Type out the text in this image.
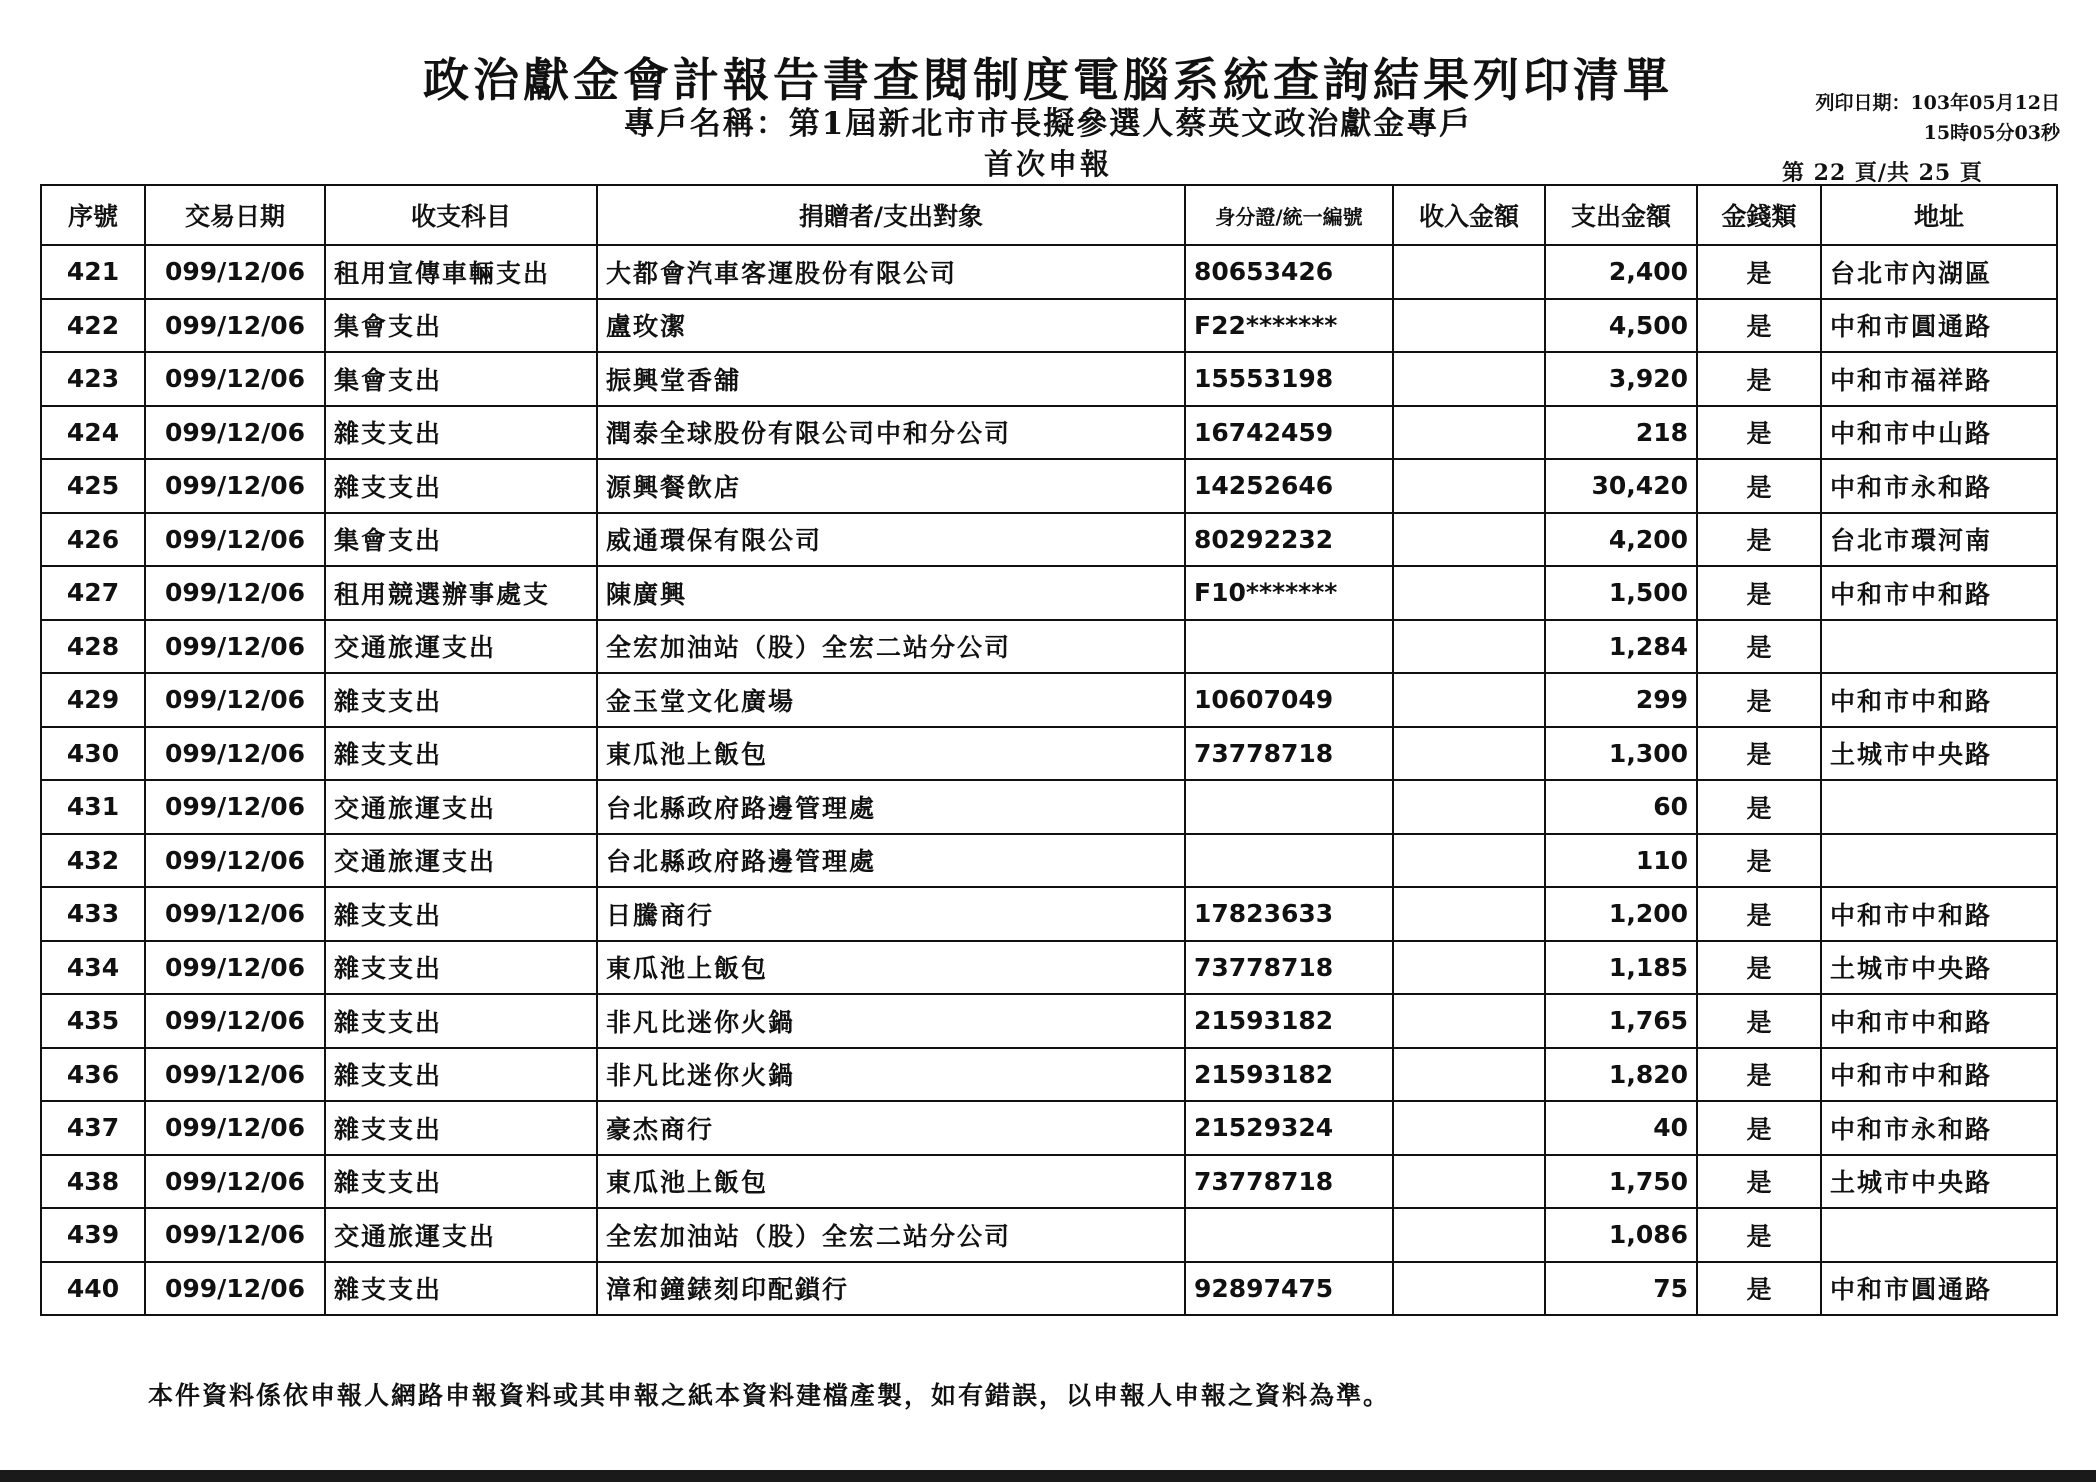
政治獻金會計報告書查閱制度電腦系統查詢結果列印清單
專戶名稱：第1屆新北市市長擬參選人蔡英文政治獻金專戶
首次申報
列印日期：103年05月12日
15時05分03秒
第 22 頁/共 25 頁
序號	交易日期	收支科目	捐贈者/支出對象	身分證/統一編號	收入金額	支出金額	金錢類	地址
421	099/12/06	租用宣傳車輛支出	大都會汽車客運股份有限公司	80653426		2,400	是	台北市內湖區
422	099/12/06	集會支出	盧玫潔	F22*******		4,500	是	中和市圓通路
423	099/12/06	集會支出	振興堂香舖	15553198		3,920	是	中和市福祥路
424	099/12/06	雜支支出	潤泰全球股份有限公司中和分公司	16742459		218	是	中和市中山路
425	099/12/06	雜支支出	源興餐飲店	14252646		30,420	是	中和市永和路
426	099/12/06	集會支出	威通環保有限公司	80292232		4,200	是	台北市環河南
427	099/12/06	租用競選辦事處支	陳廣興	F10*******		1,500	是	中和市中和路
428	099/12/06	交通旅運支出	全宏加油站（股）全宏二站分公司			1,284	是	
429	099/12/06	雜支支出	金玉堂文化廣場	10607049		299	是	中和市中和路
430	099/12/06	雜支支出	東瓜池上飯包	73778718		1,300	是	土城市中央路
431	099/12/06	交通旅運支出	台北縣政府路邊管理處			60	是	
432	099/12/06	交通旅運支出	台北縣政府路邊管理處			110	是	
433	099/12/06	雜支支出	日騰商行	17823633		1,200	是	中和市中和路
434	099/12/06	雜支支出	東瓜池上飯包	73778718		1,185	是	土城市中央路
435	099/12/06	雜支支出	非凡比迷你火鍋	21593182		1,765	是	中和市中和路
436	099/12/06	雜支支出	非凡比迷你火鍋	21593182		1,820	是	中和市中和路
437	099/12/06	雜支支出	豪杰商行	21529324		40	是	中和市永和路
438	099/12/06	雜支支出	東瓜池上飯包	73778718		1,750	是	土城市中央路
439	099/12/06	交通旅運支出	全宏加油站（股）全宏二站分公司			1,086	是	
440	099/12/06	雜支支出	漳和鐘錶刻印配鎖行	92897475		75	是	中和市圓通路
本件資料係依申報人網路申報資料或其申報之紙本資料建檔產製，如有錯誤，以申報人申報之資料為準。
